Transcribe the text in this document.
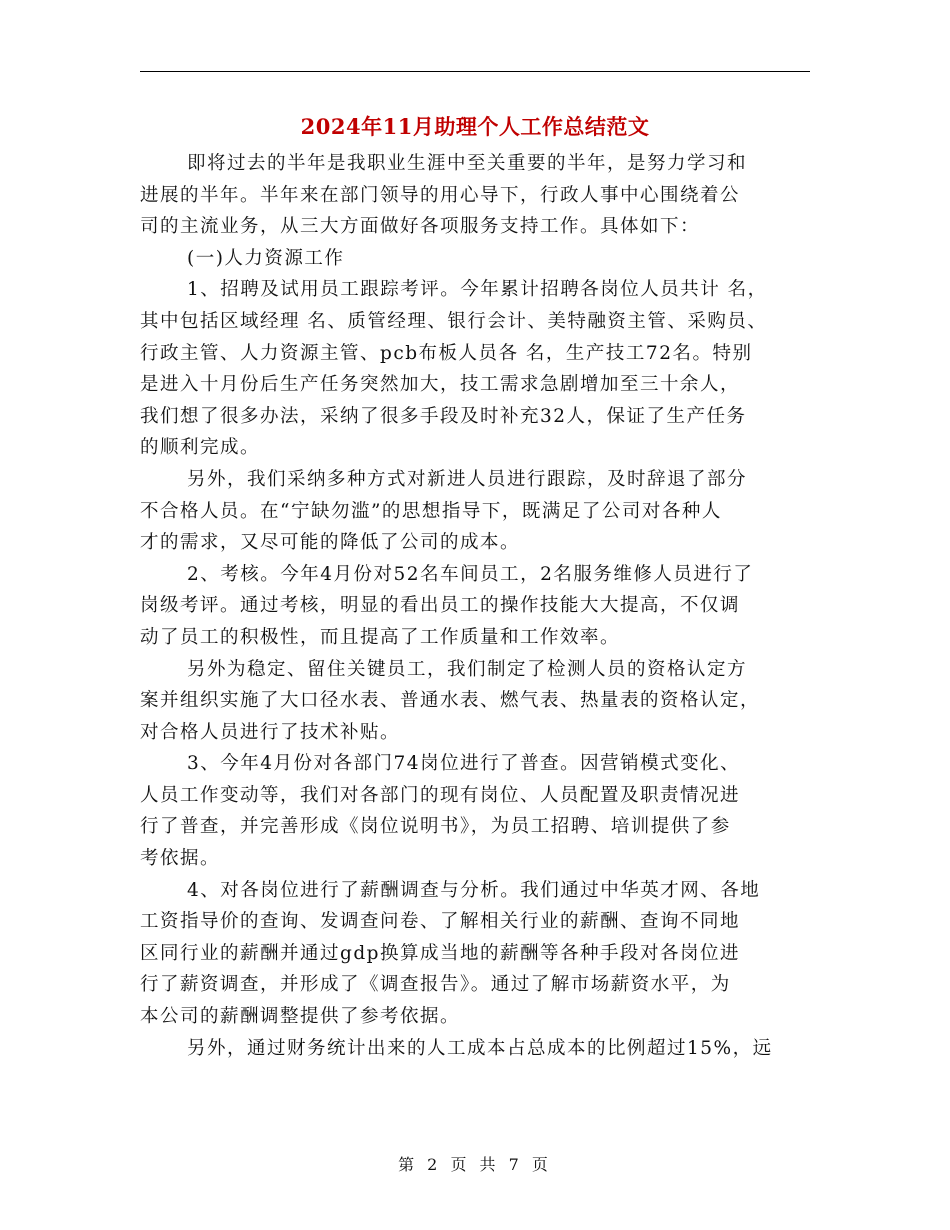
2024年11月助理个人工作总结范文
即将过去的半年是我职业生涯中至关重要的半年，是努力学习和
进展的半年。半年来在部门领导的用心导下，行政人事中心围绕着公
司的主流业务，从三大方面做好各项服务支持工作。具体如下：
(一)人力资源工作
1、招聘及试用员工跟踪考评。今年累计招聘各岗位人员共计 名，
其中包括区域经理 名、质管经理、银行会计、美特融资主管、采购员、
行政主管、人力资源主管、pcb布板人员各 名，生产技工72名。特别
是进入十月份后生产任务突然加大，技工需求急剧增加至三十余人，
我们想了很多办法，采纳了很多手段及时补充32人，保证了生产任务
的顺利完成。
另外，我们采纳多种方式对新进人员进行跟踪，及时辞退了部分
不合格人员。在“宁缺勿滥”的思想指导下，既满足了公司对各种人
才的需求，又尽可能的降低了公司的成本。
2、考核。今年4月份对52名车间员工，2名服务维修人员进行了
岗级考评。通过考核，明显的看出员工的操作技能大大提高，不仅调
动了员工的积极性，而且提高了工作质量和工作效率。
另外为稳定、留住关键员工，我们制定了检测人员的资格认定方
案并组织实施了大口径水表、普通水表、燃气表、热量表的资格认定，
对合格人员进行了技术补贴。
3、今年4月份对各部门74岗位进行了普查。因营销模式变化、
人员工作变动等，我们对各部门的现有岗位、人员配置及职责情况进
行了普查，并完善形成《岗位说明书》，为员工招聘、培训提供了参
考依据。
4、对各岗位进行了薪酬调查与分析。我们通过中华英才网、各地
工资指导价的查询、发调查问卷、了解相关行业的薪酬、查询不同地
区同行业的薪酬并通过gdp换算成当地的薪酬等各种手段对各岗位进
行了薪资调查，并形成了《调查报告》。通过了解市场薪资水平，为
本公司的薪酬调整提供了参考依据。
另外，通过财务统计出来的人工成本占总成本的比例超过15%，远
第 2 页 共 7 页
